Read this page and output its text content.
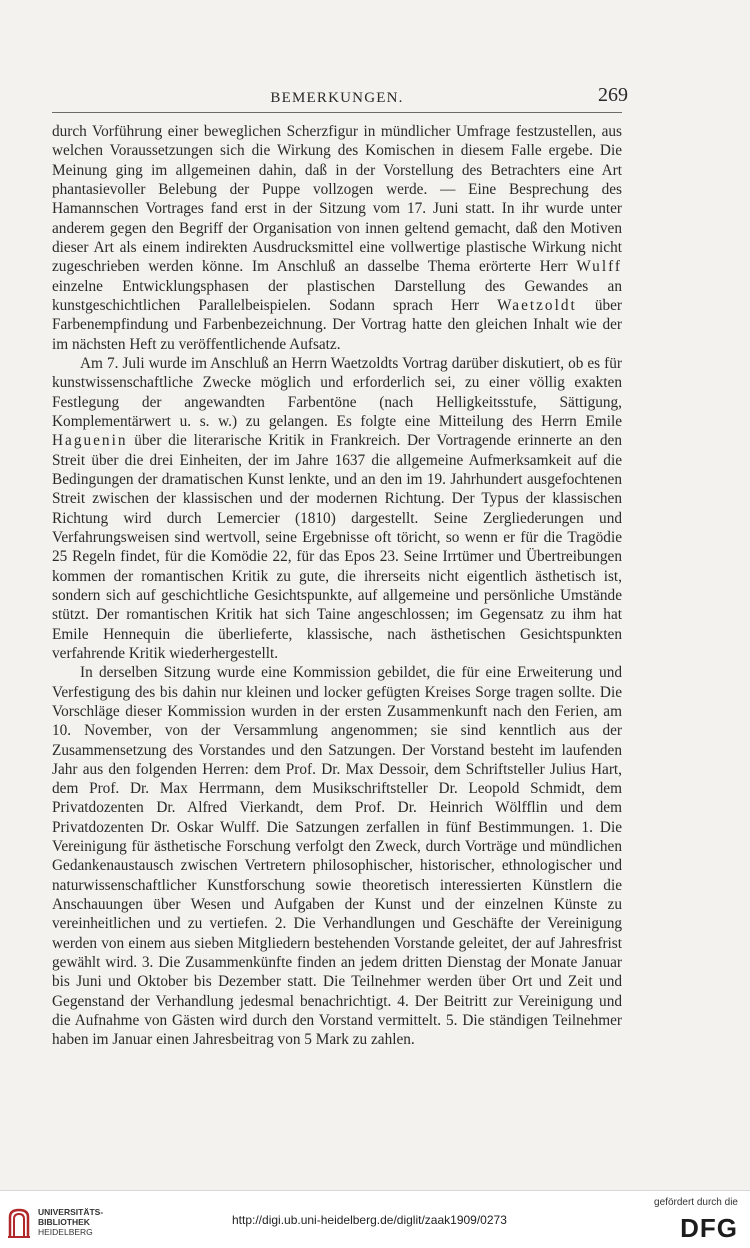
BEMERKUNGEN.	269

durch Vorführung einer beweglichen Scherzfigur in mündlicher Umfrage festzustellen, aus welchen Voraussetzungen sich die Wirkung des Komischen in diesem Falle ergebe. Die Meinung ging im allgemeinen dahin, daß in der Vorstellung des Betrachters eine Art phantasievoller Belebung der Puppe vollzogen werde. — Eine Besprechung des Hamannschen Vortrages fand erst in der Sitzung vom 17. Juni statt. In ihr wurde unter anderem gegen den Begriff der Organisation von innen geltend gemacht, daß den Motiven dieser Art als einem indirekten Ausdrucksmittel eine vollwertige plastische Wirkung nicht zugeschrieben werden könne. Im Anschluß an dasselbe Thema erörterte Herr Wulff einzelne Entwicklungsphasen der plastischen Darstellung des Gewandes an kunstgeschichtlichen Parallelbeispielen. Sodann sprach Herr Waetzoldt über Farbenempfindung und Farbenbezeichnung. Der Vortrag hatte den gleichen Inhalt wie der im nächsten Heft zu veröffentlichende Aufsatz.

Am 7. Juli wurde im Anschluß an Herrn Waetzoldts Vortrag darüber diskutiert, ob es für kunstwissenschaftliche Zwecke möglich und erforderlich sei, zu einer völlig exakten Festlegung der angewandten Farbentöne (nach Helligkeitsstufe, Sättigung, Komplementärwert u. s. w.) zu gelangen. Es folgte eine Mitteilung des Herrn Emile Haguenin über die literarische Kritik in Frankreich. Der Vortragende erinnerte an den Streit über die drei Einheiten, der im Jahre 1637 die allgemeine Aufmerksamkeit auf die Bedingungen der dramatischen Kunst lenkte, und an den im 19. Jahrhundert ausgefochtenen Streit zwischen der klassischen und der modernen Richtung. Der Typus der klassischen Richtung wird durch Lemercier (1810) dargestellt. Seine Zergliederungen und Verfahrungsweisen sind wertvoll, seine Ergebnisse oft töricht, so wenn er für die Tragödie 25 Regeln findet, für die Komödie 22, für das Epos 23. Seine Irrtümer und Übertreibungen kommen der romantischen Kritik zu gute, die ihrerseits nicht eigentlich ästhetisch ist, sondern sich auf geschichtliche Gesichtspunkte, auf allgemeine und persönliche Umstände stützt. Der romantischen Kritik hat sich Taine angeschlossen; im Gegensatz zu ihm hat Emile Hennequin die überlieferte, klassische, nach ästhetischen Gesichtspunkten verfahrende Kritik wiederhergestellt.

In derselben Sitzung wurde eine Kommission gebildet, die für eine Erweiterung und Verfestigung des bis dahin nur kleinen und locker gefügten Kreises Sorge tragen sollte. Die Vorschläge dieser Kommission wurden in der ersten Zusammenkunft nach den Ferien, am 10. November, von der Versammlung angenommen; sie sind kenntlich aus der Zusammensetzung des Vorstandes und den Satzungen. Der Vorstand besteht im laufenden Jahr aus den folgenden Herren: dem Prof. Dr. Max Dessoir, dem Schriftsteller Julius Hart, dem Prof. Dr. Max Herrmann, dem Musikschriftsteller Dr. Leopold Schmidt, dem Privatdozenten Dr. Alfred Vierkandt, dem Prof. Dr. Heinrich Wölfflin und dem Privatdozenten Dr. Oskar Wulff. Die Satzungen zerfallen in fünf Bestimmungen. 1. Die Vereinigung für ästhetische Forschung verfolgt den Zweck, durch Vorträge und mündlichen Gedankenaustausch zwischen Vertretern philosophischer, historischer, ethnologischer und naturwissenschaftlicher Kunstforschung sowie theoretisch interessierten Künstlern die Anschauungen über Wesen und Aufgaben der Kunst und der einzelnen Künste zu vereinheitlichen und zu vertiefen. 2. Die Verhandlungen und Geschäfte der Vereinigung werden von einem aus sieben Mitgliedern bestehenden Vorstande geleitet, der auf Jahresfrist gewählt wird. 3. Die Zusammenkünfte finden an jedem dritten Dienstag der Monate Januar bis Juni und Oktober bis Dezember statt. Die Teilnehmer werden über Ort und Zeit und Gegenstand der Verhandlung jedesmal benachrichtigt. 4. Der Beitritt zur Vereinigung und die Aufnahme von Gästen wird durch den Vorstand vermittelt. 5. Die ständigen Teilnehmer haben im Januar einen Jahresbeitrag von 5 Mark zu zahlen.

UNIVERSITÄTS-
BIBLIOTHEK
HEIDELBERG
http://digi.ub.uni-heidelberg.de/diglit/zaak1909/0273
gefördert durch die
DFG
